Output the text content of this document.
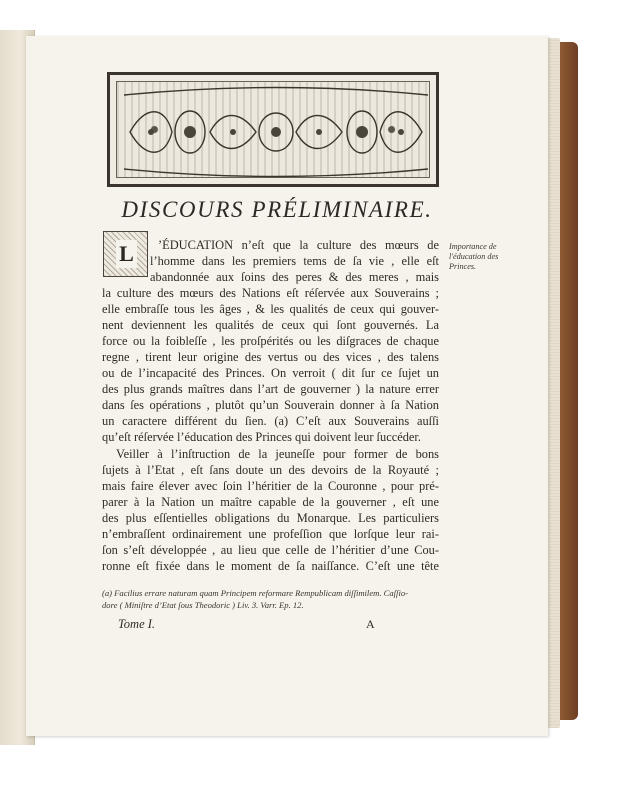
DISCOURS PRÉLIMINAIRE.
L	Importance de l'éducation des Princes.
’ÉDUCATION n’eſt que la culture des mœurs de
l’homme dans les premiers tems de ſa vie , elle eſt
abandonnée aux ſoins des peres & des meres , mais
la culture des mœurs des Nations eſt réſervée aux Souverains ;
elle embraſſe tous les âges , & les qualités de ceux qui gouver-
nent deviennent les qualités de ceux qui ſont gouvernés. La
force ou la foibleſſe , les proſpérités ou les diſgraces de chaque
regne , tirent leur origine des vertus ou des vices , des talens
ou de l’incapacité des Princes. On verroit ( dit ſur ce ſujet un
des plus grands maîtres dans l’art de gouverner ) la nature errer
dans ſes opérations , plutôt qu’un Souverain donner à ſa Nation
un caractere différent du ſien. (a) C’eſt aux Souverains auſſi
qu’eſt réſervée l’éducation des Princes qui doivent leur ſuccéder.
Veiller à l’inſtruction de la jeuneſſe pour former de bons
ſujets à l’Etat , eſt ſans doute un des devoirs de la Royauté ;
mais faire élever avec ſoin l’héritier de la Couronne , pour pré-
parer à la Nation un maître capable de la gouverner , eſt une
des plus eſſentielles obligations du Monarque. Les particuliers
n’embraſſent ordinairement une profeſſion que lorſque leur rai-
ſon s’eſt développée , au lieu que celle de l’héritier d’une Cou-
ronne eſt fixée dans le moment de ſa naiſſance. C’eſt une tête
(a) Facilius errare naturam quam Principem reformare Rempublicam diſſimilem. Caſſio-
dore ( Miniſtre d’Etat ſous Theodoric ) Liv. 3. Varr. Ep. 12.
Tome I.	A
